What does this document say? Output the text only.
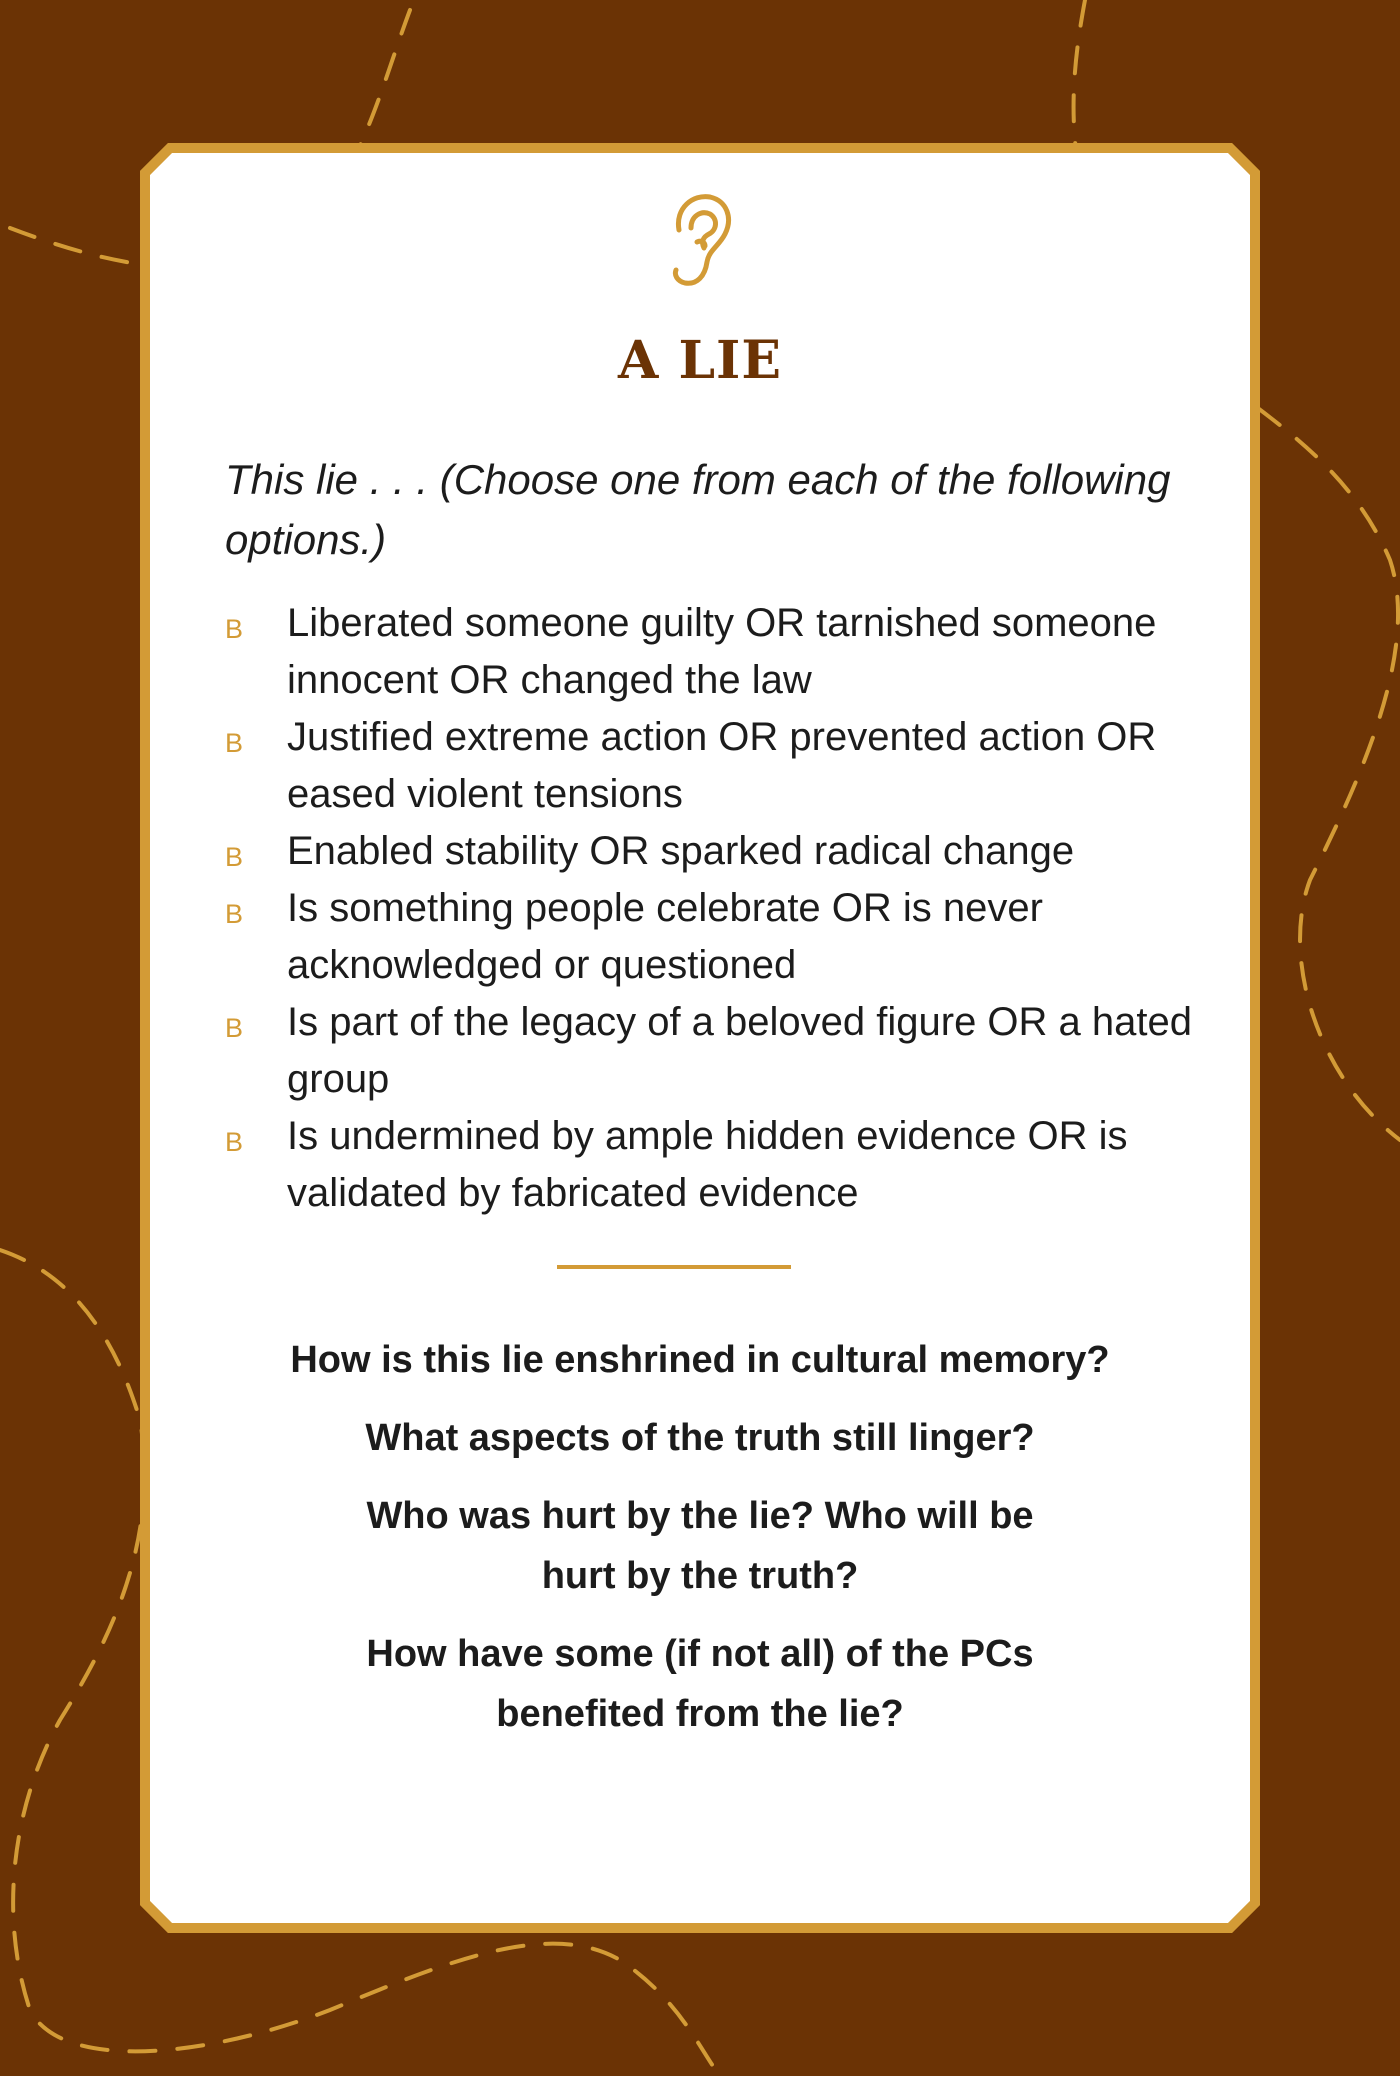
A LIE
This lie . . . (Choose one from each of the following options.)
B Liberated someone guilty OR tarnished someone innocent OR changed the law
B Justified extreme action OR prevented action OR eased violent tensions
B Enabled stability OR sparked radical change
B Is something people celebrate OR is never acknowledged or questioned
B Is part of the legacy of a beloved figure OR a hated group
B Is undermined by ample hidden evidence OR is validated by fabricated evidence
How is this lie enshrined in cultural memory?
What aspects of the truth still linger?
Who was hurt by the lie? Who will be hurt by the truth?
How have some (if not all) of the PCs benefited from the lie?
